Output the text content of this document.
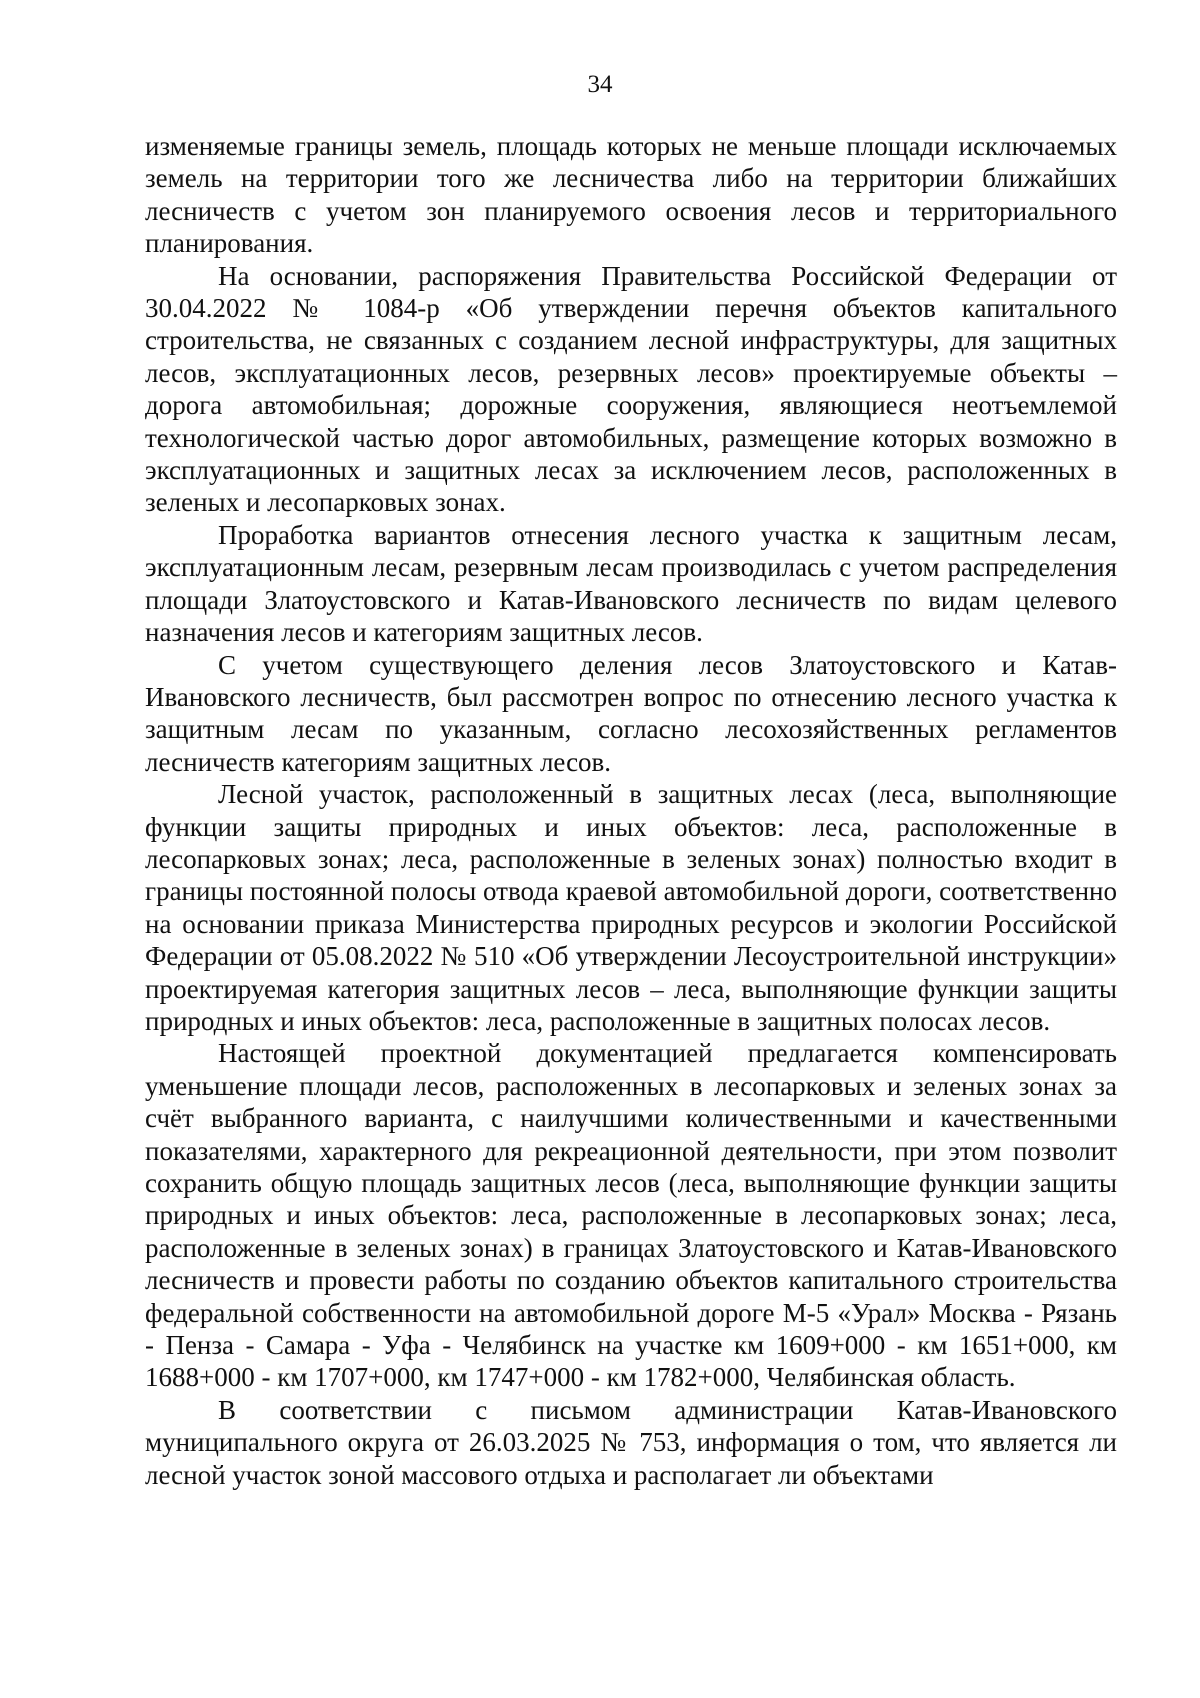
34

изменяемые границы земель, площадь которых не меньше площади исключаемых земель на территории того же лесничества либо на территории ближайших лесничеств с учетом зон планируемого освоения лесов и территориального планирования.

На основании, распоряжения Правительства Российской Федерации от 30.04.2022 № 1084-р «Об утверждении перечня объектов капитального строительства, не связанных с созданием лесной инфраструктуры, для защитных лесов, эксплуатационных лесов, резервных лесов» проектируемые объекты – дорога автомобильная; дорожные сооружения, являющиеся неотъемлемой технологической частью дорог автомобильных, размещение которых возможно в эксплуатационных и защитных лесах за исключением лесов, расположенных в зеленых и лесопарковых зонах.

Проработка вариантов отнесения лесного участка к защитным лесам, эксплуатационным лесам, резервным лесам производилась с учетом распределения площади Златоустовского и Катав-Ивановского лесничеств по видам целевого назначения лесов и категориям защитных лесов.

С учетом существующего деления лесов Златоустовского и Катав-Ивановского лесничеств, был рассмотрен вопрос по отнесению лесного участка к защитным лесам по указанным, согласно лесохозяйственных регламентов лесничеств категориям защитных лесов.

Лесной участок, расположенный в защитных лесах (леса, выполняющие функции защиты природных и иных объектов: леса, расположенные в лесопарковых зонах; леса, расположенные в зеленых зонах) полностью входит в границы постоянной полосы отвода краевой автомобильной дороги, соответственно на основании приказа Министерства природных ресурсов и экологии Российской Федерации от 05.08.2022 № 510 «Об утверждении Лесоустроительной инструкции» проектируемая категория защитных лесов – леса, выполняющие функции защиты природных и иных объектов: леса, расположенные в защитных полосах лесов.

Настоящей проектной документацией предлагается компенсировать уменьшение площади лесов, расположенных в лесопарковых и зеленых зонах за счёт выбранного варианта, с наилучшими количественными и качественными показателями, характерного для рекреационной деятельности, при этом позволит сохранить общую площадь защитных лесов (леса, выполняющие функции защиты природных и иных объектов: леса, расположенные в лесопарковых зонах; леса, расположенные в зеленых зонах) в границах Златоустовского и Катав-Ивановского лесничеств и провести работы по созданию объектов капитального строительства федеральной собственности на автомобильной дороге М-5 «Урал» Москва - Рязань - Пенза - Самара - Уфа - Челябинск на участке км 1609+000 - км 1651+000, км 1688+000 - км 1707+000, км 1747+000 - км 1782+000, Челябинская область.

В соответствии с письмом администрации Катав-Ивановского муниципального округа от 26.03.2025 № 753, информация о том, что является ли лесной участок зоной массового отдыха и располагает ли объектами
